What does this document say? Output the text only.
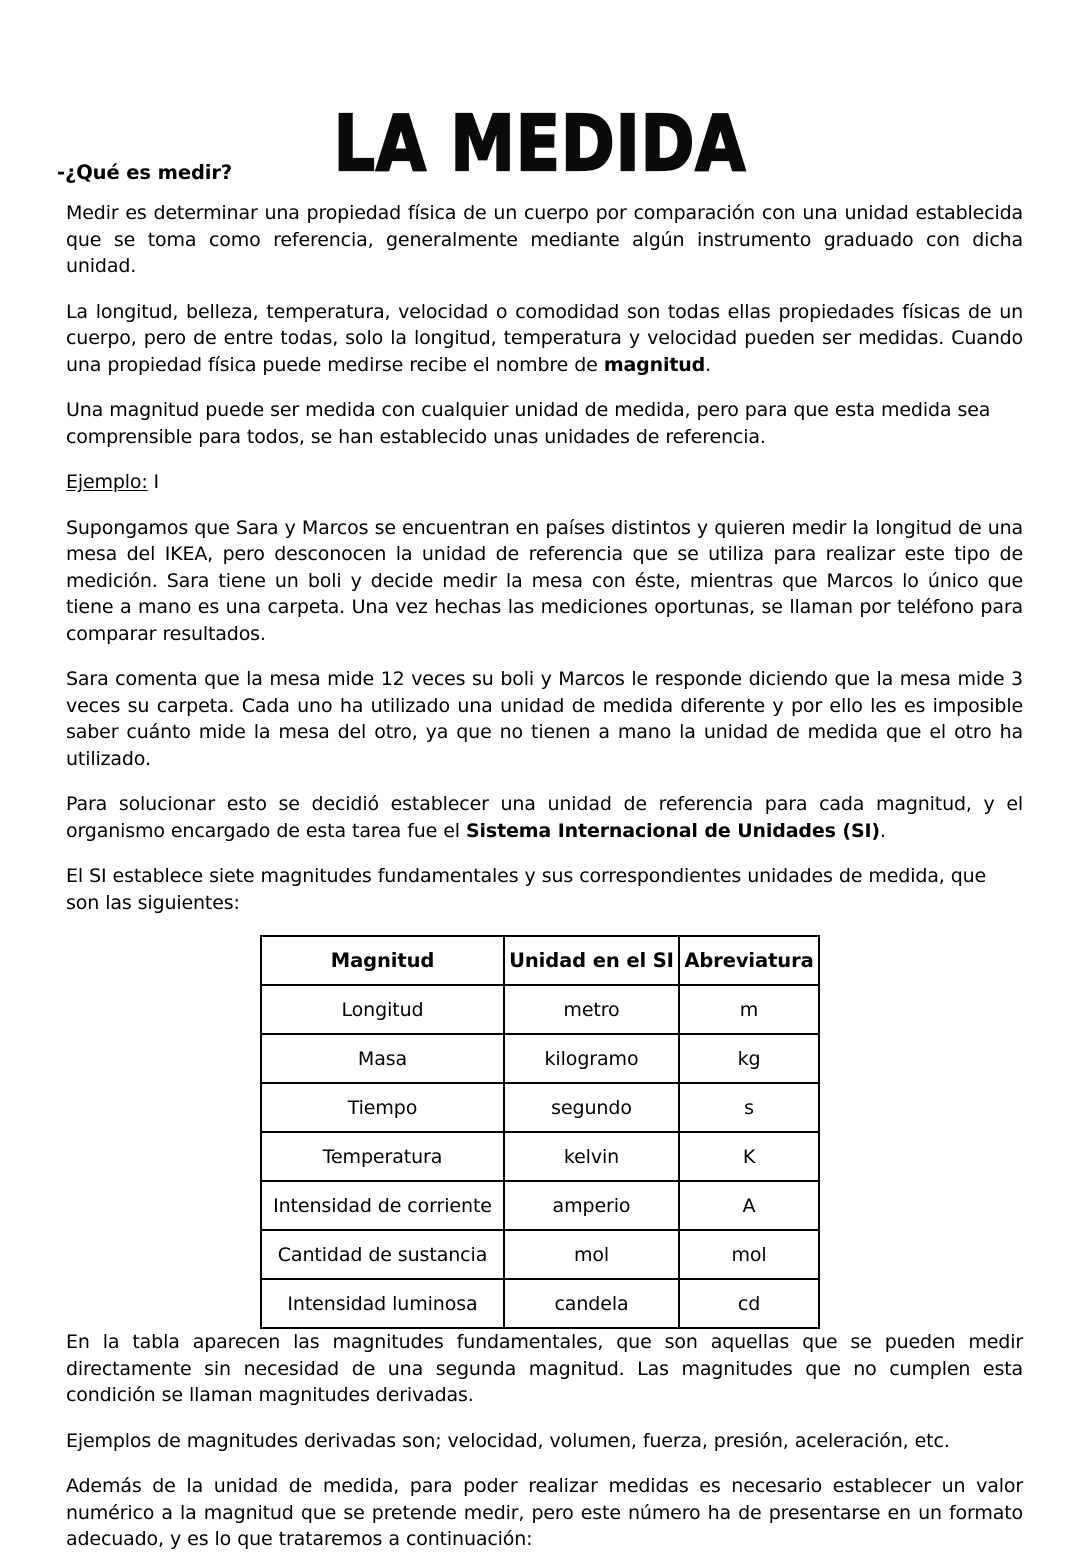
LA MEDIDA
-¿Qué es medir?

Medir es determinar una propiedad física de un cuerpo por comparación con una unidad establecida que se toma como referencia, generalmente mediante algún instrumento graduado con dicha unidad.

La longitud, belleza, temperatura, velocidad o comodidad son todas ellas propiedades físicas de un cuerpo, pero de entre todas, solo la longitud, temperatura y velocidad pueden ser medidas. Cuando una propiedad física puede medirse recibe el nombre de magnitud.

Una magnitud puede ser medida con cualquier unidad de medida, pero para que esta medida sea comprensible para todos, se han establecido unas unidades de referencia.

Ejemplo: I

Supongamos que Sara y Marcos se encuentran en países distintos y quieren medir la longitud de una mesa del IKEA, pero desconocen la unidad de referencia que se utiliza para realizar este tipo de medición. Sara tiene un boli y decide medir la mesa con éste, mientras que Marcos lo único que tiene a mano es una carpeta. Una vez hechas las mediciones oportunas, se llaman por teléfono para comparar resultados.

Sara comenta que la mesa mide 12 veces su boli y Marcos le responde diciendo que la mesa mide 3 veces su carpeta. Cada uno ha utilizado una unidad de medida diferente y por ello les es imposible saber cuánto mide la mesa del otro, ya que no tienen a mano la unidad de medida que el otro ha utilizado.

Para solucionar esto se decidió establecer una unidad de referencia para cada magnitud, y el organismo encargado de esta tarea fue el Sistema Internacional de Unidades (SI).

El SI establece siete magnitudes fundamentales y sus correspondientes unidades de medida, que son las siguientes:

Magnitud	Unidad en el SI	Abreviatura
Longitud	metro	m
Masa	kilogramo	kg
Tiempo	segundo	s
Temperatura	kelvin	K
Intensidad de corriente	amperio	A
Cantidad de sustancia	mol	mol
Intensidad luminosa	candela	cd

En la tabla aparecen las magnitudes fundamentales, que son aquellas que se pueden medir directamente sin necesidad de una segunda magnitud. Las magnitudes que no cumplen esta condición se llaman magnitudes derivadas.

Ejemplos de magnitudes derivadas son; velocidad, volumen, fuerza, presión, aceleración, etc.

Además de la unidad de medida, para poder realizar medidas es necesario establecer un valor numérico a la magnitud que se pretende medir, pero este número ha de presentarse en un formato adecuado, y es lo que trataremos a continuación:
